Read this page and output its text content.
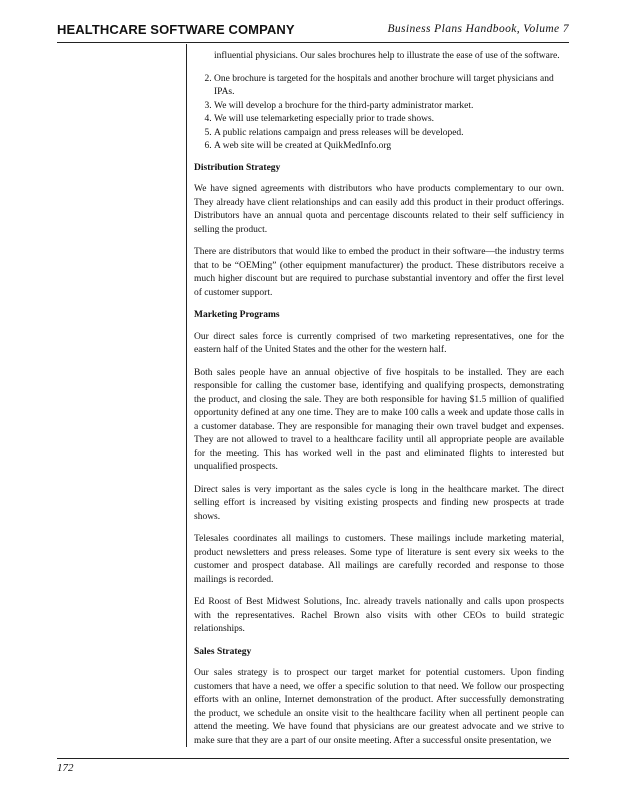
HEALTHCARE SOFTWARE COMPANY	Business Plans Handbook, Volume 7

influential physicians. Our sales brochures help to illustrate the ease of use of the software.

2. One brochure is targeted for the hospitals and another brochure will target physicians and IPAs.
3. We will develop a brochure for the third-party administrator market.
4. We will use telemarketing especially prior to trade shows.
5. A public relations campaign and press releases will be developed.
6. A web site will be created at QuikMedInfo.org
Distribution Strategy

We have signed agreements with distributors who have products complementary to our own. They already have client relationships and can easily add this product in their product offerings. Distributors have an annual quota and percentage discounts related to their self sufficiency in selling the product.

There are distributors that would like to embed the product in their software—the industry terms that to be “OEMing” (other equipment manufacturer) the product. These distributors receive a much higher discount but are required to purchase substantial inventory and offer the first level of customer support.

Marketing Programs

Our direct sales force is currently comprised of two marketing representatives, one for the eastern half of the United States and the other for the western half.

Both sales people have an annual objective of five hospitals to be installed. They are each responsible for calling the customer base, identifying and qualifying prospects, demonstrating the product, and closing the sale. They are both responsible for having $1.5 million of qualified opportunity defined at any one time. They are to make 100 calls a week and update those calls in a customer database. They are responsible for managing their own travel budget and expenses. They are not allowed to travel to a healthcare facility until all appropriate people are available for the meeting. This has worked well in the past and eliminated flights to interested but unqualified prospects.

Direct sales is very important as the sales cycle is long in the healthcare market. The direct selling effort is increased by visiting existing prospects and finding new prospects at trade shows.

Telesales coordinates all mailings to customers. These mailings include marketing material, product newsletters and press releases. Some type of literature is sent every six weeks to the customer and prospect database. All mailings are carefully recorded and response to those mailings is recorded.

Ed Roost of Best Midwest Solutions, Inc. already travels nationally and calls upon prospects with the representatives. Rachel Brown also visits with other CEOs to build strategic relationships.

Sales Strategy

Our sales strategy is to prospect our target market for potential customers. Upon finding customers that have a need, we offer a specific solution to that need. We follow our prospecting efforts with an online, Internet demonstration of the product. After successfully demonstrating the product, we schedule an onsite visit to the healthcare facility when all pertinent people can attend the meeting. We have found that physicians are our greatest advocate and we strive to make sure that they are a part of our onsite meeting. After a successful onsite presentation, we

172
